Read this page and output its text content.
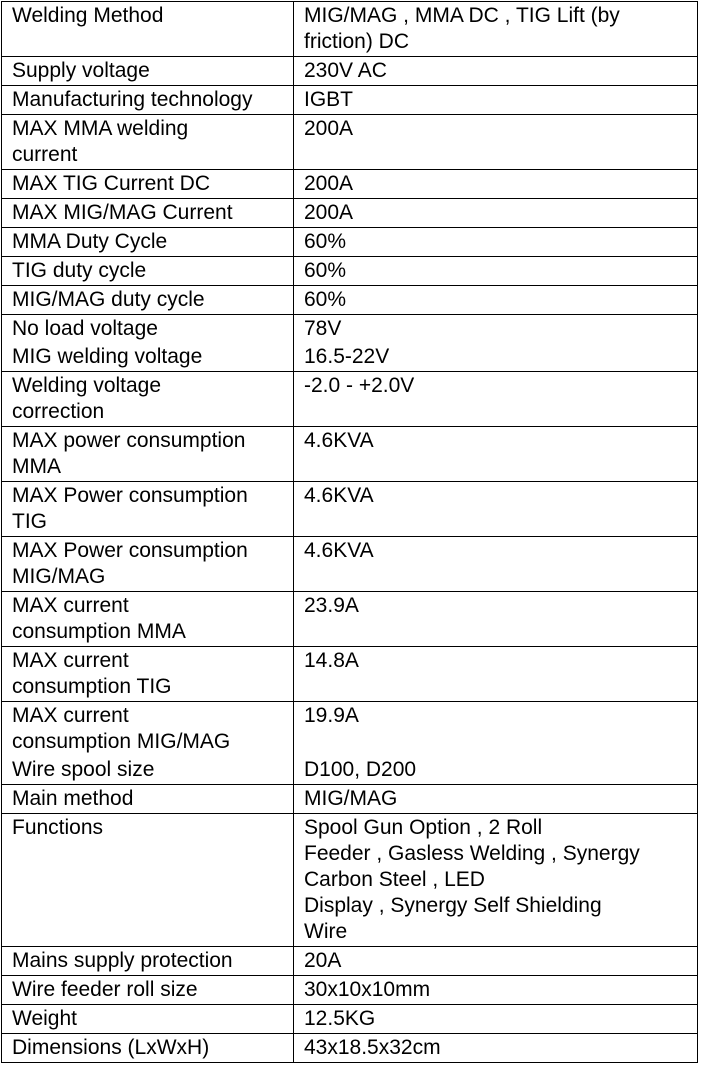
Welding Method	MIG/MAG , MMA DC , TIG Lift (by
friction) DC

Supply voltage	230V AC

Manufacturing technology	IGBT

MAX MMA welding
current	200A

MAX TIG Current DC	200A

MAX MIG/MAG Current	200A

MMA Duty Cycle	60%

TIG duty cycle	60%

MIG/MAG duty cycle	60%

No load voltage	78V

MIG welding voltage	16.5-22V

Welding voltage
correction	-2.0 - +2.0V

MAX power consumption
MMA	4.6KVA

MAX Power consumption
TIG	4.6KVA

MAX Power consumption
MIG/MAG	4.6KVA

MAX current
consumption MMA	23.9A

MAX current
consumption TIG	14.8A

MAX current
consumption MIG/MAG	19.9A

Wire spool size	D100, D200

Main method	MIG/MAG

Functions	Spool Gun Option , 2 Roll
Feeder , Gasless Welding , Synergy
Carbon Steel , LED
Display , Synergy Self Shielding
Wire

Mains supply protection	20A

Wire feeder roll size	30x10x10mm

Weight	12.5KG

Dimensions (LxWxH)	43x18.5x32cm
